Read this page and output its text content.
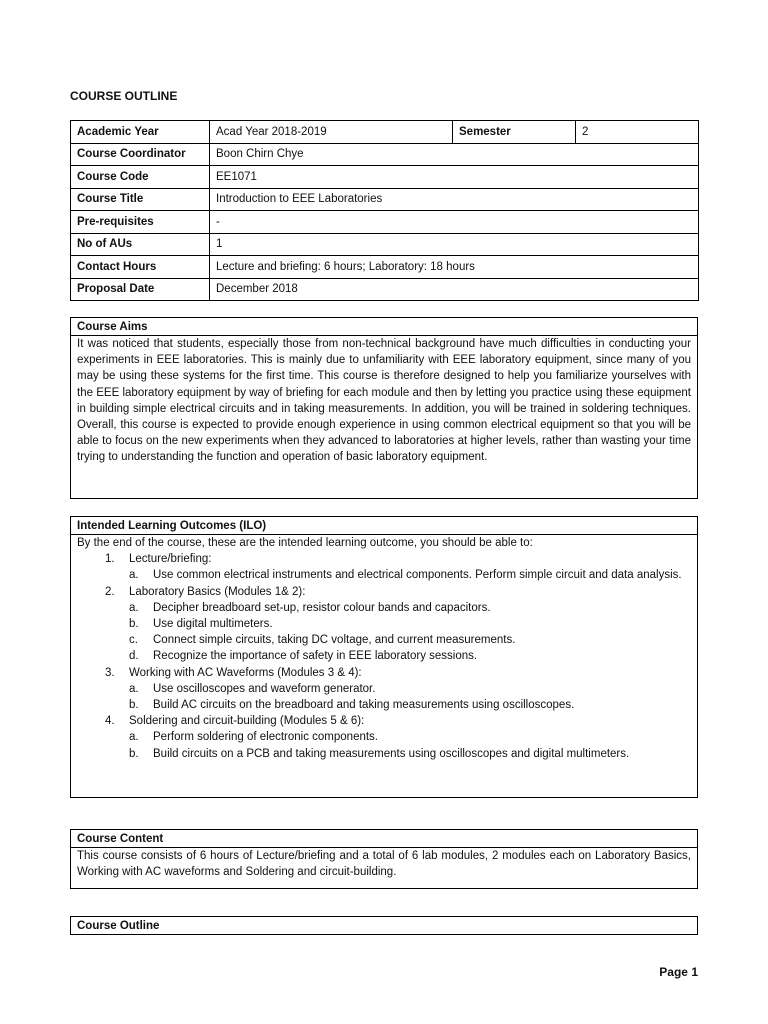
COURSE OUTLINE
Academic Year	Acad Year 2018-2019	Semester	2
Course Coordinator	Boon Chirn Chye		
Course Code	EE1071		
Course Title	Introduction to EEE Laboratories		
Pre-requisites	-		
No of AUs	1		
Contact Hours	Lecture and briefing: 6 hours; Laboratory: 18 hours		
Proposal Date	December 2018		
Course Aims
It was noticed that students, especially those from non-technical background have much difficulties in conducting your experiments in EEE laboratories. This is mainly due to unfamiliarity with EEE laboratory equipment, since many of you may be using these systems for the first time. This course is therefore designed to help you familiarize yourselves with the EEE laboratory equipment by way of briefing for each module and then by letting you practice using these equipment in building simple electrical circuits and in taking measurements. In addition, you will be trained in soldering techniques. Overall, this course is expected to provide enough experience in using common electrical equipment so that you will be able to focus on the new experiments when they advanced to laboratories at higher levels, rather than wasting your time trying to understanding the function and operation of basic laboratory equipment.
Intended Learning Outcomes (ILO)
By the end of the course, these are the intended learning outcome, you should be able to:
1. Lecture/briefing:
a. Use common electrical instruments and electrical components. Perform simple circuit and data analysis.
2. Laboratory Basics (Modules 1& 2):
a. Decipher breadboard set-up, resistor colour bands and capacitors.
b. Use digital multimeters.
c. Connect simple circuits, taking DC voltage, and current measurements.
d. Recognize the importance of safety in EEE laboratory sessions.
3. Working with AC Waveforms (Modules 3 & 4):
a. Use oscilloscopes and waveform generator.
b. Build AC circuits on the breadboard and taking measurements using oscilloscopes.
4. Soldering and circuit-building (Modules 5 & 6):
a. Perform soldering of electronic components.
b. Build circuits on a PCB and taking measurements using oscilloscopes and digital multimeters.
Course Content
This course consists of 6 hours of Lecture/briefing and a total of 6 lab modules, 2 modules each on Laboratory Basics, Working with AC waveforms and Soldering and circuit-building.
Course Outline
Page 1
